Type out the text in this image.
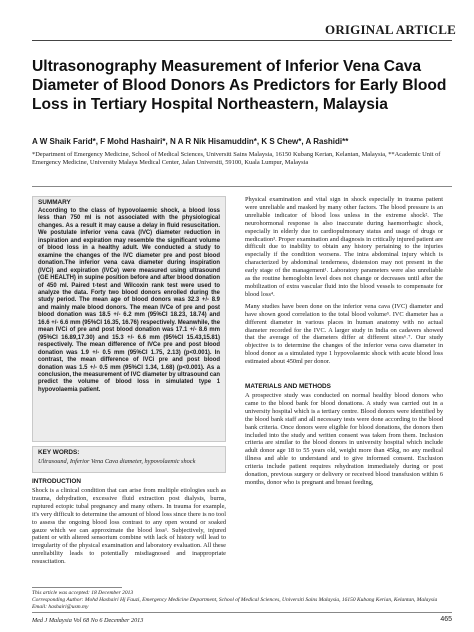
ORIGINAL ARTICLE
Ultrasonography Measurement of Inferior Vena Cava Diameter of Blood Donors As Predictors for Early Blood Loss in Tertiary Hospital Northeastern, Malaysia
A W Shaik Farid*, F Mohd Hashairi*, N A R Nik Hisamuddin*, K S Chew*, A Rashidi**
*Department of Emergency Medicine, School of Medical Sciences, Universiti Sains Malaysia, 16150 Kubang Kerian, Kelantan, Malaysia, **Academic Unit of Emergency Medicine, University Malaya Medical Center, Jalan Universiti, 59100, Kuala Lumpur, Malaysia

SUMMARY

According to the class of hypovolaemic shock, a blood loss less than 750 ml is not associated with the physiological changes. As a result it may cause a delay in fluid resuscitation. We postulate inferior vena cava (IVC) diameter reduction in inspiration and expiration may resemble the significant volume of blood loss in a healthy adult. We conducted a study to examine the changes of the IVC diameter pre and post blood donation.The inferior vena cava diameter during inspiration (IVCi) and expiration (IVCe) were measured using ultrasound (GE HEALTH) in supine position before and after blood donation of 450 ml. Paired t-test and Wilcoxin rank test were used to analyze the data. Forty two blood donors enrolled during the study period. The mean age of blood donors was 32.3 +/- 8.9 and mainly male blood donors. The mean IVCe of pre and post blood donation was 18.5 +/- 6.2 mm (95%CI 18.23, 18.74) and 16.6 +/- 6.6 mm (95%CI 16.35, 16.76) respectively. Meanwhile, the mean IVCi of pre and post blood donation was 17.1 +/- 8.6 mm (95%CI 16.89,17.30) and 15.3 +/- 6.6 mm (95%CI 15.43,15.81) respectively. The mean difference of IVCe pre and post blood donation was 1.9 +/- 0.5 mm (95%CI 1.75, 2.13) (p<0.001). In contrast, the mean difference of IVCi pre and post blood donation was 1.5 +/- 0.5 mm (95%CI 1.34, 1.68) (p<0.001). As a conclusion, the measurement of IVC diameter by ultrasound can predict the volume of blood loss in simulated type 1 hypovolaemia patient.

KEY WORDS:

Ultrasound, Inferior Vena Cava diameter, hypovolaemic shock

INTRODUCTION

Shock is a clinical condition that can arise from multiple etiologies such as trauma, dehydration, excessive fluid extraction post dialysis, burns, ruptured ectopic tubal pregnancy and many others. In trauma for example, it's very difficult to determine the amount of blood loss since there is no tool to assess the ongoing blood loss contrast to any open wound or soaked gauze which we can approximate the blood loss¹. Subjectively, injured patient or with altered sensorium combine with lack of history will lead to irregularity of the physical examination and laboratory evaluation. All these unreliability leads to potentially misdiagnosed and inappropriate resuscitation.

Physical examination and vital sign in shock especially in trauma patient were unreliable and masked by many other factors. The blood pressure is an unreliable indicator of blood loss unless in the extreme shock². The neurohormonal response is also inaccurate during haemorrhagic shock, especially in elderly due to cardiopulmonary status and usage of drugs or medication³. Proper examination and diagnosis in critically injured patient are difficult due to inability to obtain any history pertaining to the injuries especially if the condition worsens. The intra abdominal injury which is characterized by abdominal tenderness, distension may not present in the early stage of the management¹. Laboratory parameters were also unreliable as the routine hemoglobin level does not change or decreases until after the mobilization of extra vascular fluid into the blood vessels to compensate for blood loss⁴.

Many studies have been done on the inferior vena cava (IVC) diameter and have shown good correlation to the total blood volume⁵. IVC diameter has a different diameter in various places in human anatomy with no actual diameter recorded for the IVC. A larger study in India on cadavers showed that the average of the diameters differ at different sites⁶˒⁷. Our study objective is to determine the changes of the inferior vena cava diameter in blood donor as a simulated type 1 hypovolaemic shock with acute blood loss estimated about 450ml per donor.

MATERIALS AND METHODS

A prospective study was conducted on normal healthy blood donors who came to the blood bank for blood donations. A study was carried out in a university hospital which is a tertiary centre. Blood donors were identified by the blood bank staff and all necessary tests were done according to the blood bank criteria. Once donors were eligible for blood donations, the donors then included into the study and written consent was taken from them. Inclusion criteria are similar to the blood donors in university hospital which include adult donor age 18 to 55 years old, weight more than 45kg, no any medical illness and able to understand and to give informed consent. Exclusion criteria include patient requires rehydration immediately during or post donation, previous surgery or delivery or received blood transfusion within 6 months, donor who is pregnant and breast feeding,

This article was accepted: 18 December 2013
Corresponding Author: Mohd Hashairi Hj Fauzi, Emergency Medicine Department, School of Medical Sciences, Universiti Sains Malaysia, 16150 Kubang Kerian, Kelantan, Malaysia
Email: hashairi@usm.my
Med J Malaysia Vol 68 No 6 December 2013	465
